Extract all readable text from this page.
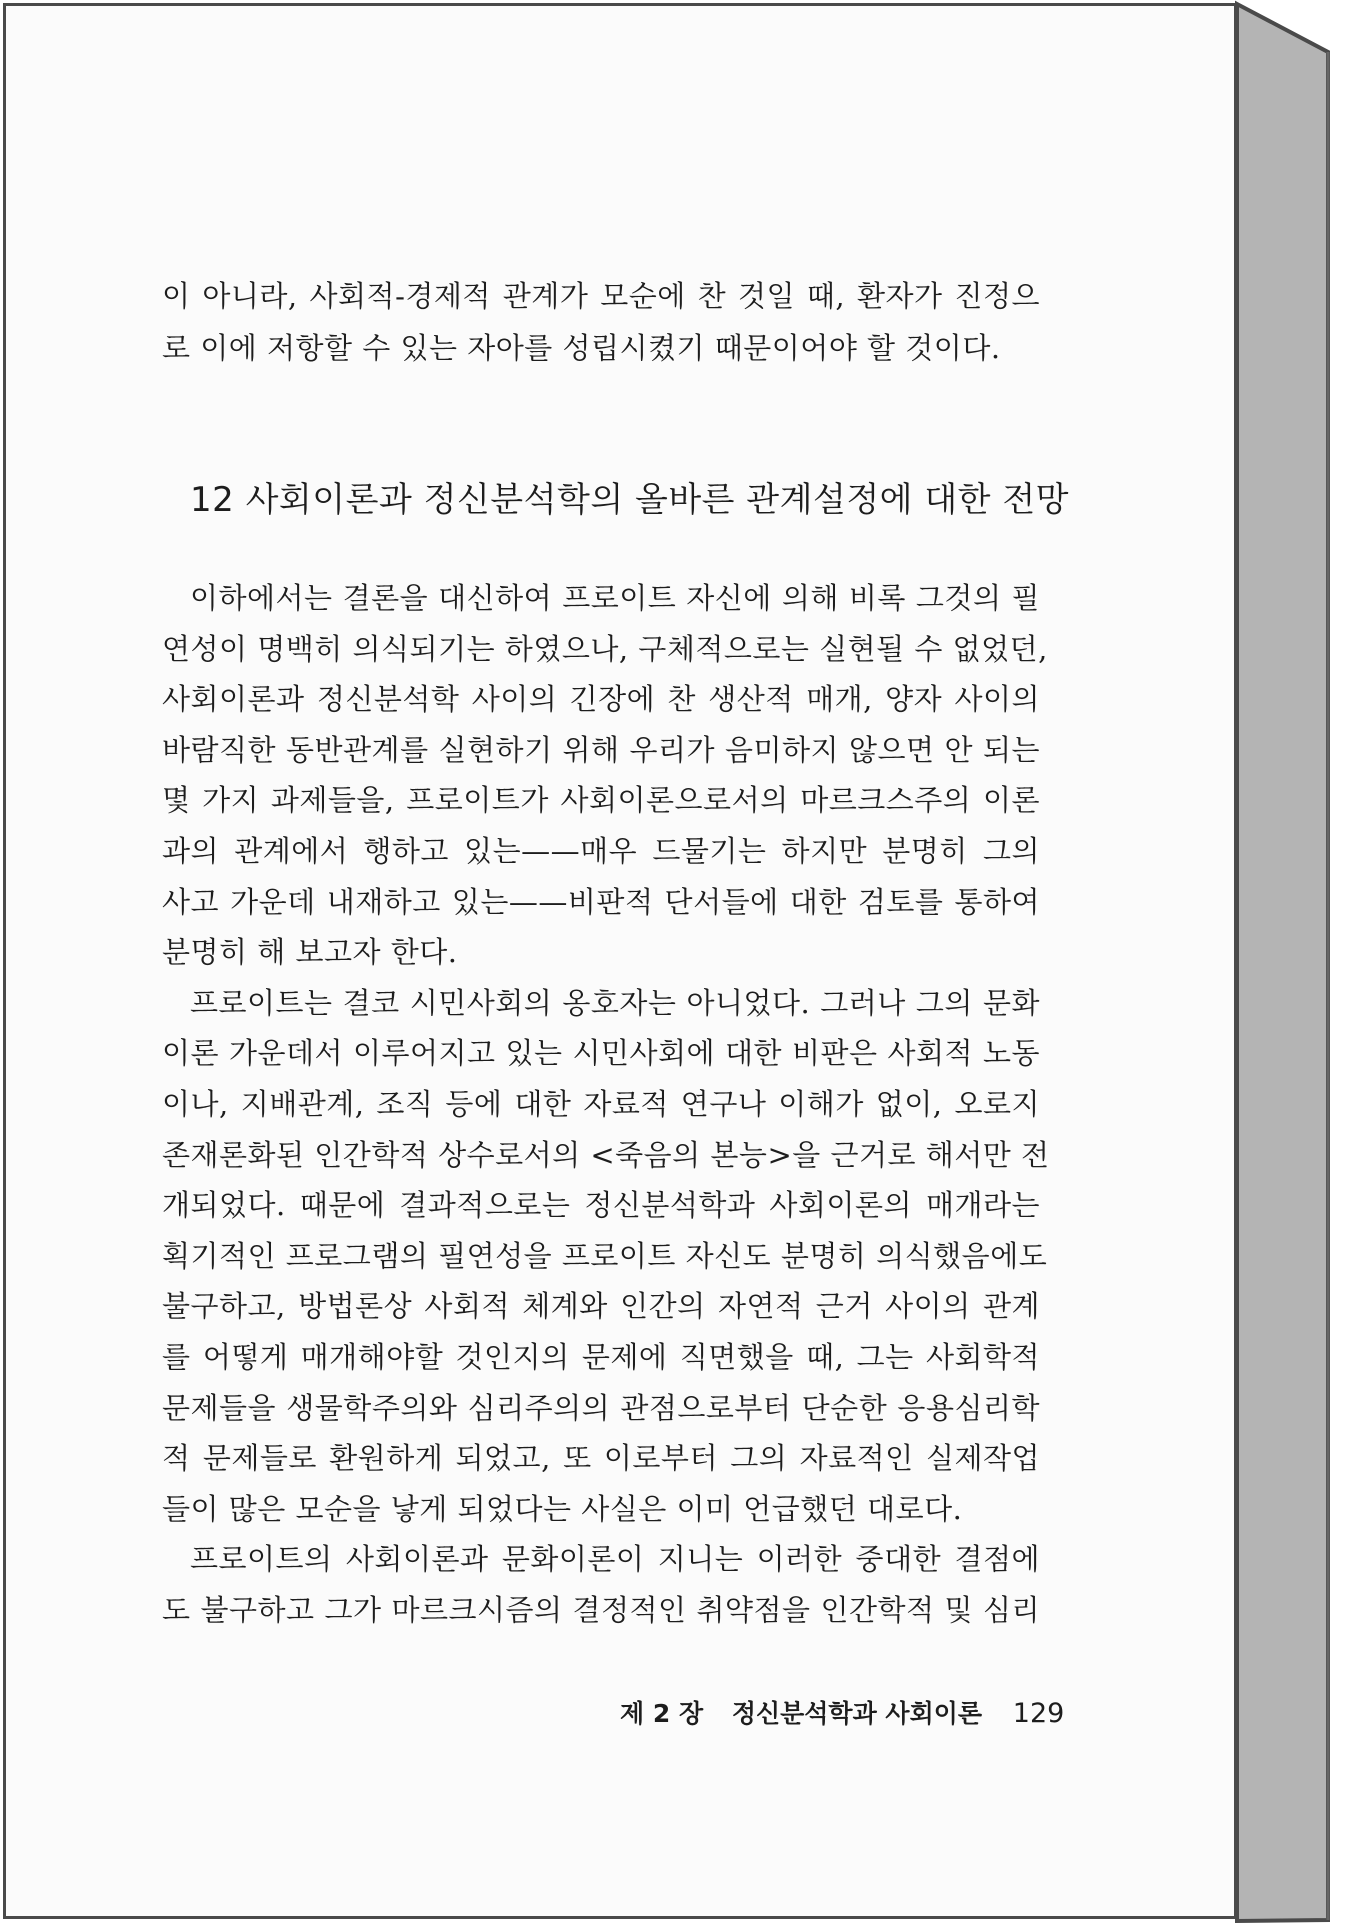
이 아니라, 사회적-경제적 관계가 모순에 찬 것일 때, 환자가 진정으
로 이에 저항할 수 있는 자아를 성립시켰기 때문이어야 할 것이다.
12 사회이론과 정신분석학의 올바른 관계설정에 대한 전망

이하에서는 결론을 대신하여 프로이트 자신에 의해 비록 그것의 필
연성이 명백히 의식되기는 하였으나, 구체적으로는 실현될 수 없었던,
사회이론과 정신분석학 사이의 긴장에 찬 생산적 매개, 양자 사이의
바람직한 동반관계를 실현하기 위해 우리가 음미하지 않으면 안 되는
몇 가지 과제들을, 프로이트가 사회이론으로서의 마르크스주의 이론
과의 관계에서 행하고 있는——매우 드물기는 하지만 분명히 그의
사고 가운데 내재하고 있는——비판적 단서들에 대한 검토를 통하여
분명히 해 보고자 한다.

프로이트는 결코 시민사회의 옹호자는 아니었다. 그러나 그의 문화
이론 가운데서 이루어지고 있는 시민사회에 대한 비판은 사회적 노동
이나, 지배관계, 조직 등에 대한 자료적 연구나 이해가 없이, 오로지
존재론화된 인간학적 상수로서의 <죽음의 본능>을 근거로 해서만 전
개되었다. 때문에 결과적으로는 정신분석학과 사회이론의 매개라는
획기적인 프로그램의 필연성을 프로이트 자신도 분명히 의식했음에도
불구하고, 방법론상 사회적 체계와 인간의 자연적 근거 사이의 관계
를 어떻게 매개해야할 것인지의 문제에 직면했을 때, 그는 사회학적
문제들을 생물학주의와 심리주의의 관점으로부터 단순한 응용심리학
적 문제들로 환원하게 되었고, 또 이로부터 그의 자료적인 실제작업
들이 많은 모순을 낳게 되었다는 사실은 이미 언급했던 대로다.

프로이트의 사회이론과 문화이론이 지니는 이러한 중대한 결점에
도 불구하고 그가 마르크시즘의 결정적인 취약점을 인간학적 및 심리

제 2 장 정신분석학과 사회이론 129
